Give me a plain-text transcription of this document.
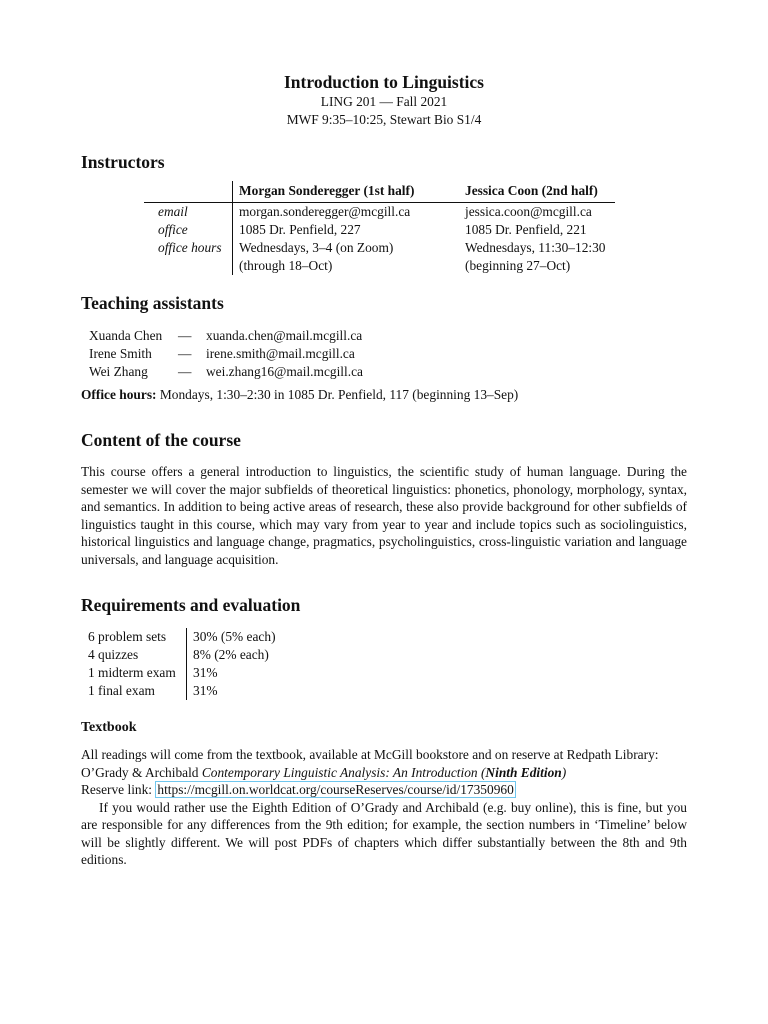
Introduction to Linguistics
LING 201 — Fall 2021
MWF 9:35–10:25, Stewart Bio S1/4
Instructors
	Morgan Sonderegger (1st half)	Jessica Coon (2nd half)
email	morgan.sonderegger@mcgill.ca	jessica.coon@mcgill.ca
office	1085 Dr. Penfield, 227	1085 Dr. Penfield, 221
office hours	Wednesdays, 3–4 (on Zoom)	Wednesdays, 11:30–12:30
	(through 18–Oct)	(beginning 27–Oct)
Teaching assistants
Xuanda Chen	—	xuanda.chen@mail.mcgill.ca
Irene Smith	—	irene.smith@mail.mcgill.ca
Wei Zhang	—	wei.zhang16@mail.mcgill.ca
Office hours: Mondays, 1:30–2:30 in 1085 Dr. Penfield, 117 (beginning 13–Sep)
Content of the course
This course offers a general introduction to linguistics, the scientific study of human language. During the semester we will cover the major subfields of theoretical linguistics: phonetics, phonology, morphology, syntax, and semantics. In addition to being active areas of research, these also provide background for other subfields of linguistics taught in this course, which may vary from year to year and include topics such as sociolinguistics, historical linguistics and language change, pragmatics, psycholinguistics, cross-linguistic variation and language universals, and language acquisition.
Requirements and evaluation
6 problem sets	30% (5% each)
4 quizzes	8% (2% each)
1 midterm exam	31%
1 final exam	31%
Textbook

All readings will come from the textbook, available at McGill bookstore and on reserve at Redpath Library:

O’Grady & Archibald Contemporary Linguistic Analysis: An Introduction (Ninth Edition)

Reserve link: https://mcgill.on.worldcat.org/courseReserves/course/id/17350960

If you would rather use the Eighth Edition of O’Grady and Archibald (e.g. buy online), this is fine, but you are responsible for any differences from the 9th edition; for example, the section numbers in ‘Timeline’ below will be slightly different. We will post PDFs of chapters which differ substantially between the 8th and 9th editions.
